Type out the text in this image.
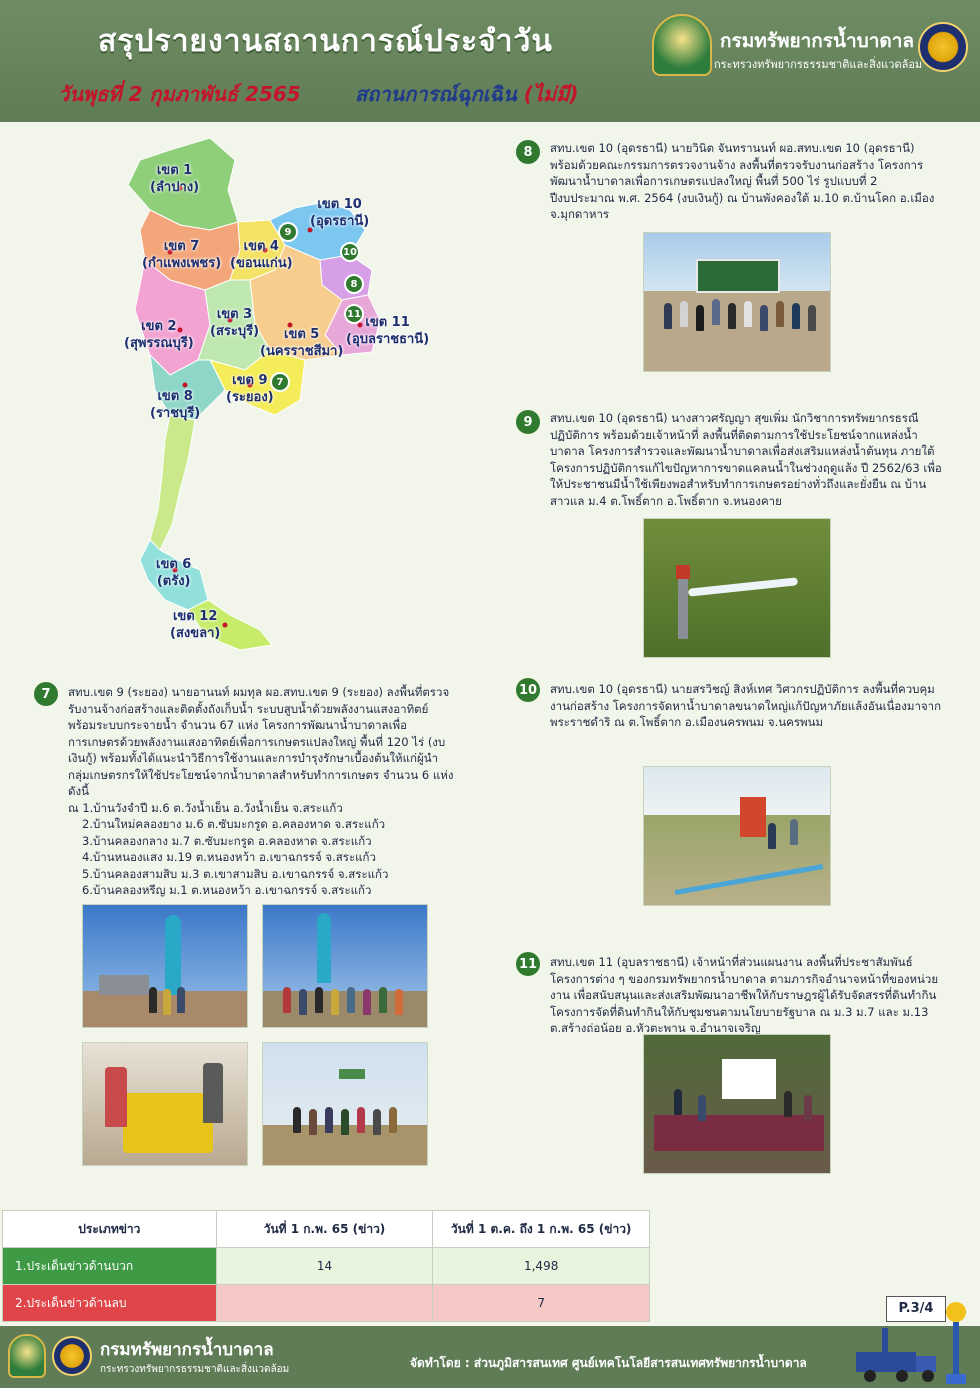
สรุปรายงานสถานการณ์ประจำวัน
วันพุธที่ 2 กุมภาพันธ์ 2565	สถานการณ์ฉุกเฉิน (ไม่มี)
กรมทรัพยากรน้ำบาดาล
กระทรวงทรัพยากรธรรมชาติและสิ่งแวดล้อม
เขต 1
(ลำปาง)
เขต 7
(กำแพงเพชร)
เขต 4
(ขอนแก่น)
เขต 10
(อุดรธานี)
เขต 2
(สุพรรณบุรี)
เขต 3
(สระบุรี)	เขต 5
(นครราชสีมา)
เขต 11
(อุบลราชธานี)
เขต 9
(ระยอง)
เขต 8
(ราชบุรี)
เขต 6
(ตรัง)
เขต 12
(สงขลา)
9
10
8
11
7
8	สทบ.เขต 10 (อุดรธานี) นายวินิต จันทรานนท์ ผอ.สทบ.เขต 10 (อุดรธานี) พร้อมด้วยคณะกรรมการตรวจงานจ้าง ลงพื้นที่ตรวจรับงานก่อสร้าง โครงการพัฒนาน้ำบาดาลเพื่อการเกษตรแปลงใหญ่ พื้นที่ 500 ไร่ รูปแบบที่ 2 ปีงบประมาณ พ.ศ. 2564 (งบเงินกู้) ณ บ้านพังคองใต้ ม.10 ต.บ้านโคก อ.เมือง จ.มุกดาหาร
9	สทบ.เขต 10 (อุดรธานี) นางสาวศรัญญา สุขเพิ่ม นักวิชาการทรัพยากรธรณีปฏิบัติการ พร้อมด้วยเจ้าหน้าที่ ลงพื้นที่ติดตามการใช้ประโยชน์จากแหล่งน้ำบาดาล โครงการสำรวจและพัฒนาน้ำบาดาลเพื่อส่งเสริมแหล่งน้ำต้นทุน ภายใต้ โครงการปฏิบัติการแก้ไขปัญหาการขาดแคลนน้ำในช่วงฤดูแล้ง ปี 2562/63 เพื่อให้ประชาชนมีน้ำใช้เพียงพอสำหรับทำการเกษตรอย่างทั่วถึงและยั่งยืน ณ บ้านสาวแล ม.4 ต.โพธิ์ตาก อ.โพธิ์ตาก จ.หนองคาย
10 สทบ.เขต 10 (อุดรธานี) นายสรวิชญ์ สิงห์เทศ วิศวกรปฏิบัติการ ลงพื้นที่ควบคุมงานก่อสร้าง โครงการจัดหาน้ำบาดาลขนาดใหญ่แก้ปัญหาภัยแล้งอันเนื่องมาจากพระราชดำริ ณ ต.โพธิ์ตาก อ.เมืองนครพนม จ.นครพนม
11 สทบ.เขต 11 (อุบลราชธานี) เจ้าหน้าที่ส่วนแผนงาน ลงพื้นที่ประชาสัมพันธ์โครงการต่าง ๆ ของกรมทรัพยากรน้ำบาดาล ตามภารกิจอำนาจหน้าที่ของหน่วยงาน เพื่อสนับสนุนและส่งเสริมพัฒนาอาชีพให้กับราษฎรผู้ได้รับจัดสรรที่ดินทำกิน โครงการจัดที่ดินทำกินให้กับชุมชนตามนโยบายรัฐบาล ณ ม.3 ม.7 และ ม.13 ต.สร้างถ่อน้อย อ.หัวตะพาน จ.อำนาจเจริญ
7	สทบ.เขต 9 (ระยอง) นายอานนท์ ผมทุล ผอ.สทบ.เขต 9 (ระยอง) ลงพื้นที่ตรวจรับงานจ้างก่อสร้างและติดตั้งถังเก็บน้ำ ระบบสูบน้ำด้วยพลังงานแสงอาทิตย์ พร้อมระบบกระจายน้ำ จำนวน 67 แห่ง โครงการพัฒนาน้ำบาดาลเพื่อการเกษตรด้วยพลังงานแสงอาทิตย์เพื่อการเกษตรแปลงใหญ่ พื้นที่ 120 ไร่ (งบเงินกู้) พร้อมทั้งได้แนะนำวิธีการใช้งานและการบำรุงรักษาเบื้องต้นให้แก่ผู้นำกลุ่มเกษตรกรให้ใช้ประโยชน์จากน้ำบาดาลสำหรับทำการเกษตร จำนวน 6 แห่ง ดังนี้
ณ 1.บ้านวังจำปี ม.6 ต.วังน้ำเย็น อ.วังน้ำเย็น จ.สระแก้ว
2.บ้านใหม่คลองยาง ม.6 ต.ซับมะกรูด อ.คลองหาด จ.สระแก้ว
3.บ้านคลองกลาง ม.7 ต.ซับมะกรูด อ.คลองหาด จ.สระแก้ว
4.บ้านหนองแสง ม.19 ต.หนองหว้า อ.เขาฉกรรจ์ จ.สระแก้ว
5.บ้านคลองสามสิบ ม.3 ต.เขาสามสิบ อ.เขาฉกรรจ์ จ.สระแก้ว
6.บ้านคลองหรีญ ม.1 ต.หนองหว้า อ.เขาฉกรรจ์ จ.สระแก้ว
ประเภทข่าว	วันที่ 1 ก.พ. 65 (ข่าว)	วันที่ 1 ต.ค. ถึง 1 ก.พ. 65 (ข่าว)
1.ประเด็นข่าวด้านบวก	14	1,498
2.ประเด็นข่าวด้านลบ		7	P.3/4
กรมทรัพยากรน้ำบาดาล
กระทรวงทรัพยากรธรรมชาติและสิ่งแวดล้อม	จัดทำโดย : ส่วนภูมิสารสนเทศ ศูนย์เทคโนโลยีสารสนเทศทรัพยากรน้ำบาดาล
